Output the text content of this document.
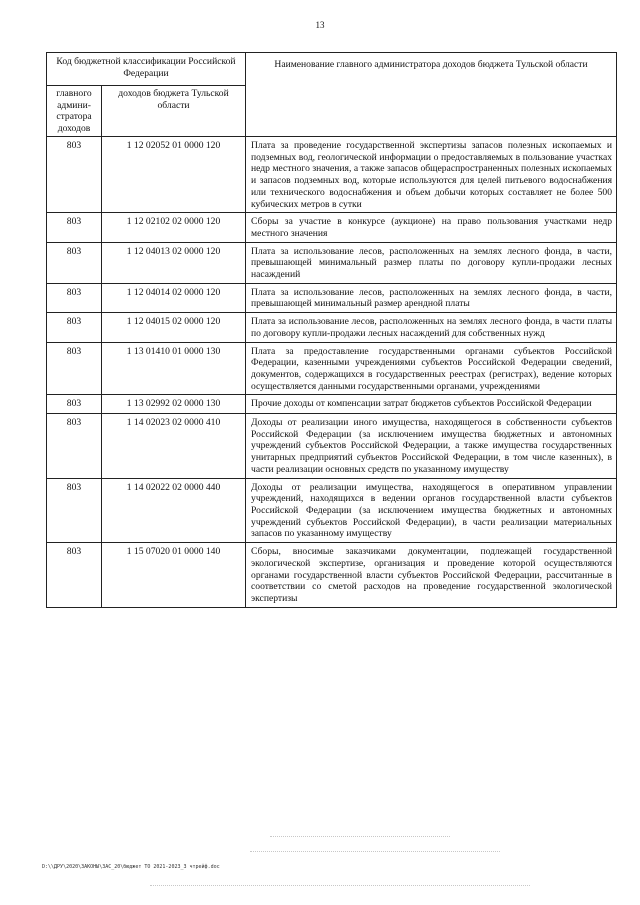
13
Код бюджетной классификации Российской Федерации		Наименование главного администратора доходов бюджета Тульской области
главного админи- стратора доходов	доходов бюджета Тульской области	
803	1 12 02052 01 0000 120	Плата за проведение государственной экспертизы запасов полезных ископаемых и подземных вод, геологической информации о предоставляемых в пользование участках недр местного значения, а также запасов общераспространенных полезных ископаемых и запасов подземных вод, которые используются для целей питьевого водоснабжения или технического водоснабжения и объем добычи которых составляет не более 500 кубических метров в сутки
803	1 12 02102 02 0000 120	Сборы за участие в конкурсе (аукционе) на право пользования участками недр местного значения
803	1 12 04013 02 0000 120	Плата за использование лесов, расположенных на землях лесного фонда, в части, превышающей минимальный размер платы по договору купли-продажи лесных насаждений
803	1 12 04014 02 0000 120	Плата за использование лесов, расположенных на землях лесного фонда, в части, превышающей минимальный размер арендной платы
803	1 12 04015 02 0000 120	Плата за использование лесов, расположенных на землях лесного фонда, в части платы по договору купли-продажи лесных насаждений для собственных нужд
803	1 13 01410 01 0000 130	Плата за предоставление государственными органами субъектов Российской Федерации, казенными учреждениями субъектов Российской Федерации сведений, документов, содержащихся в государственных реестрах (регистрах), ведение которых осуществляется данными государственными органами, учреждениями
803	1 13 02992 02 0000 130	Прочие доходы от компенсации затрат бюджетов субъектов Российской Федерации
803	1 14 02023 02 0000 410	Доходы от реализации иного имущества, находящегося в собственности субъектов Российской Федерации (за исключением имущества бюджетных и автономных учреждений субъектов Российской Федерации, а также имущества государственных унитарных предприятий субъектов Российской Федерации, в том числе казенных), в части реализации основных средств по указанному имуществу
803	1 14 02022 02 0000 440	Доходы от реализации имущества, находящегося в оперативном управлении учреждений, находящихся в ведении органов государственной власти субъектов Российской Федерации (за исключением имущества бюджетных и автономных учреждений субъектов Российской Федерации), в части реализации материальных запасов по указанному имуществу
803	1 15 07020 01 0000 140	Сборы, вносимые заказчиками документации, подлежащей государственной экологической экспертизе, организация и проведение которой осуществляются органами государственной власти субъектов Российской Федерации, рассчитанные в соответствии со сметой расходов на проведение государственной экологической экспертизы
D:\\ДРУ\2020\ЗАКОНЫ\ЗАС_20\бюджет ТО 2021-2023_3 чтрейф.doc
